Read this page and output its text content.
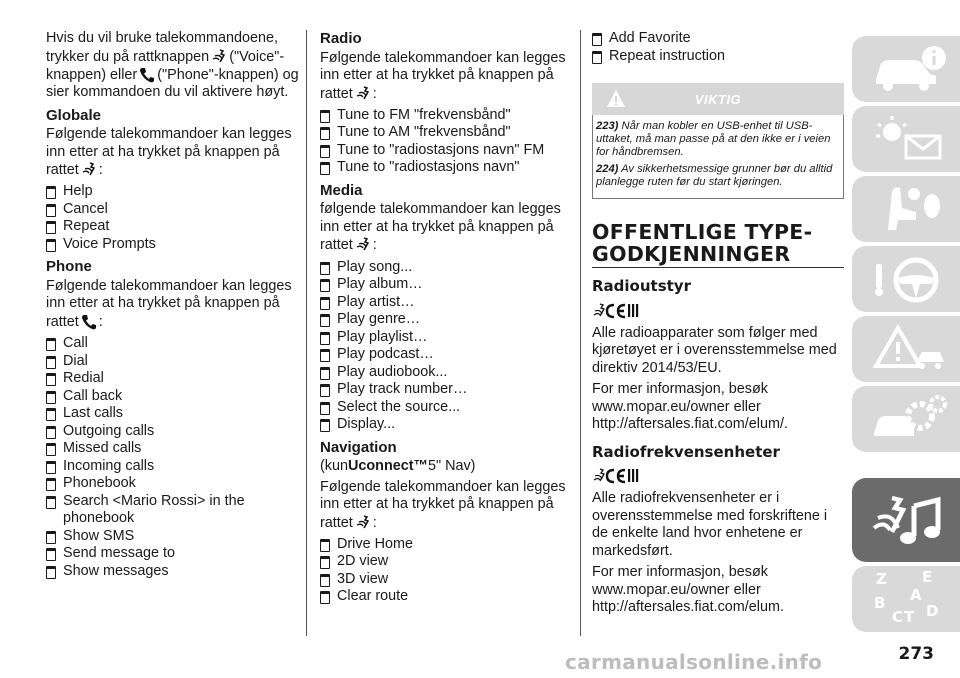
Hvis du vil bruke talekommandoene, trykker du på rattknappen ("Voice"-knappen) eller ("Phone"-knappen) og sier kommandoen du vil aktivere høyt.

Globale

Følgende talekommandoer kan legges inn etter at ha trykket på knappen på rattet :

Help
Cancel
Repeat
Voice Prompts
Phone

Følgende talekommandoer kan legges inn etter at ha trykket på knappen på rattet :

Call
Dial
Redial
Call back
Last calls
Outgoing calls
Missed calls
Incoming calls
Phonebook
Search <Mario Rossi> in the phonebook
Show SMS
Send message to
Show messages
Radio

Følgende talekommandoer kan legges inn etter at ha trykket på knappen på rattet :

Tune to FM "frekvensbånd"
Tune to AM "frekvensbånd"
Tune to "radiostasjons navn" FM
Tune to "radiostasjons navn"
Media

følgende talekommandoer kan legges inn etter at ha trykket på knappen på rattet :

Play song...
Play album…
Play artist…
Play genre…
Play playlist…
Play podcast…
Play audiobook...
Play track number…
Select the source...
Display...
Navigation

(kunUconnect™5" Nav)

Følgende talekommandoer kan legges inn etter at ha trykket på knappen på rattet :

Drive Home
2D view
3D view
Clear route
Add Favorite
Repeat instruction
VIKTIG

223) Når man kobler en USB-enhet til USB-uttaket, må man passe på at den ikke er i veien for håndbremsen.

224) Av sikkerhetsmessige grunner bør du alltid planlegge ruten før du start kjøringen.

OFFENTLIGE TYPE-
GODKJENNINGER
Radioutstyr

Alle radioapparater som følger med kjøretøyet er i overensstemmelse med direktiv 2014/53/EU.

For mer informasjon, besøk www.mopar.eu/owner eller http://aftersales.fiat.com/elum/.

Radiofrekvensenheter

Alle radiofrekvensenheter er i overensstemmelse med forskriftene i de enkelte land hvor enhetene er markedsført.

For mer informasjon, besøk www.mopar.eu/owner eller http://aftersales.fiat.com/elum.

Z E
A
B
C T D
carmanualsonline.info	273
